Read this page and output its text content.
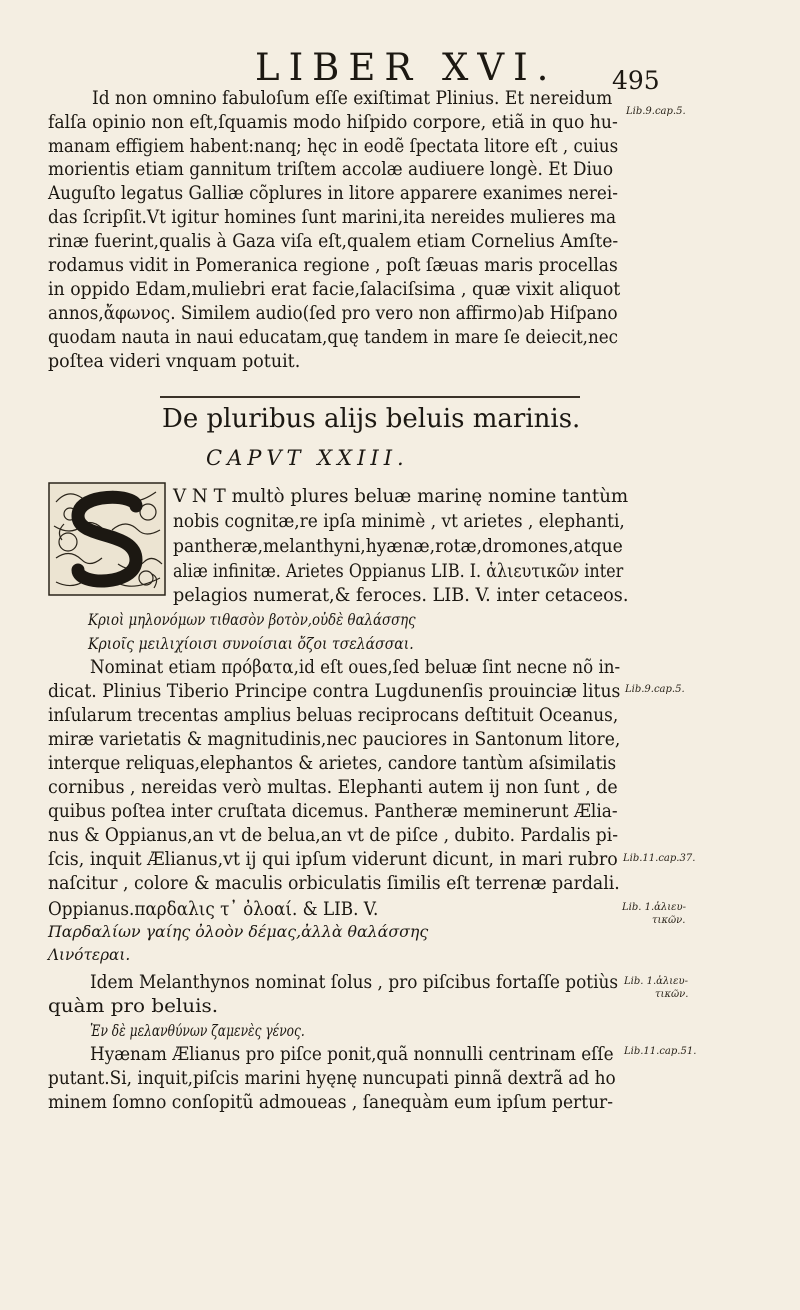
LIBER XVI. 495
Id non omnino fabuloſum eſſe exiſtimat Plinius. Et nereidum
falſa opinio non eſt,ſquamis modo hiſpido corpore, etiã in quo hu-
manam effigiem habent:nanq; hęc in eodẽ ſpectata litore eſt , cuius
morientis etiam gannitum triſtem accolæ audiuere longè. Et Diuo
Auguſto legatus Galliæ cõplures in litore apparere exanimes nerei-
das ſcripſit.Vt igitur homines ſunt marini,ita nereides mulieres ma
rinæ fuerint,qualis à Gaza viſa eſt,qualem etiam Cornelius Amſte-
rodamus vidit in Pomeranica regione , poſt ſæuas maris procellas
in oppido Edam,muliebri erat facie,ſalaciſsima , quæ vixit aliquot
annos,ἄφωνος. Similem audio(ſed pro vero non affirmo)ab Hiſpano
quodam nauta in naui educatam,quę tandem in mare ſe deiecit,nec
poſtea videri vnquam potuit.
De pluribus alijs beluis marinis.
CAPVT XXIII.
V N T multò plures beluæ marinę nomine tantùm
nobis cognitæ,re ipſa minimè , vt arietes , elephanti,
pantheræ,melanthyni,hyænæ,rotæ,dromones,atque
aliæ infinitæ. Arietes Oppianus LIB. I. ἁλιευτικῶν inter
pelagios numerat,& feroces. LIB. V. inter cetaceos.
Κριοὶ μηλονόμων τιθασὸν βοτὸν,οὐδὲ θαλάσσης
Κριοῖς μειλιχίοισι συνοίσιαι ὄζοι τσελάσσαι.
Nominat etiam πρόβατα,id eſt oues,ſed beluæ ſint necne nõ in-
dicat. Plinius Tiberio Principe contra Lugdunenſis prouinciæ litus
inſularum trecentas amplius beluas reciprocans deſtituit Oceanus,
miræ varietatis & magnitudinis,nec pauciores in Santonum litore,
interque reliquas,elephantos & arietes, candore tantùm aſsimilatis
cornibus , nereidas verò multas. Elephanti autem ij non ſunt , de
quibus poſtea inter cruſtata dicemus. Pantheræ meminerunt Ælia-
nus & Oppianus,an vt de belua,an vt de piſce , dubito. Pardalis pi-
ſcis, inquit Ælianus,vt ij qui ipſum viderunt dicunt, in mari rubro
naſcitur , colore & maculis orbiculatis ſimilis eſt terrenæ pardali.
Oppianus.παρδαλις τ᾽ ὀλοαί. & LIB. V.
Παρδαλίων γαίης ὀλοὸν δέμας,ἀλλὰ θαλάσσης
Λινότεραι.
Idem Melanthynos nominat ſolus , pro piſcibus fortaſſe potiùs
quàm pro beluis.
Ἐν δὲ μελανθύνων ζαμενὲς γένος.
Hyænam Ælianus pro piſce ponit,quã nonnulli centrinam eſſe
putant.Si, inquit,piſcis marini hyęnę nuncupati pinnã dextrã ad ho
minem ſomno conſopitũ admoueas , ſanequàm eum ipſum pertur-
Lib.9.cap.5.
Lib.9.cap.5.
Lib.11.cap.37.
Lib. 1.ἁλιευ-
τικῶν.
Lib. 1.ἁλιευ-
τικῶν.
Lib.11.cap.51.
